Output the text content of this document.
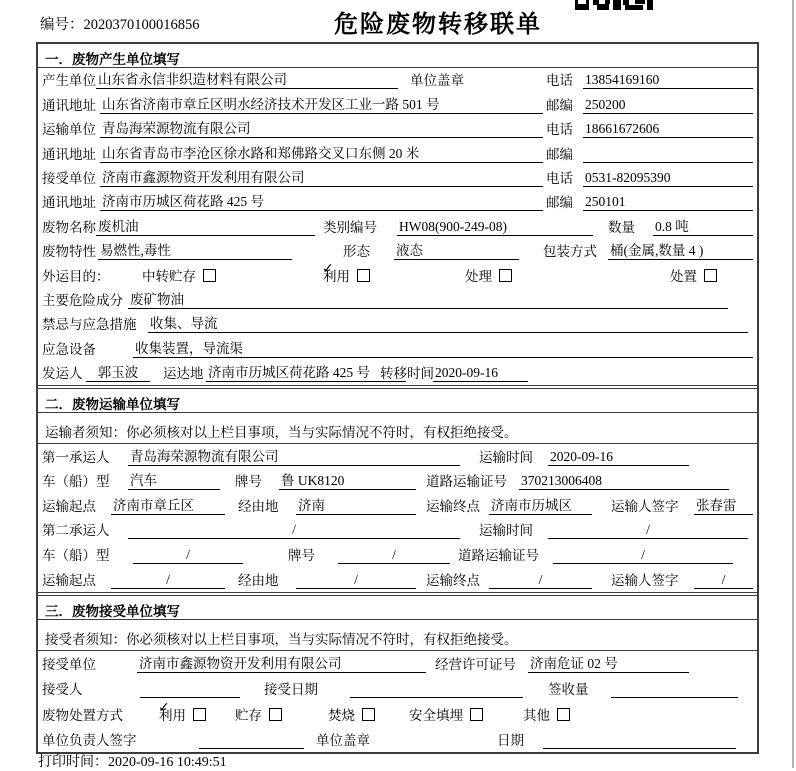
编号：2020370100016856	危险废物转移联单
一．废物产生单位填写
产生单位 山东省永信非织造材料有限公司	单位盖章	电话 13854169160
通讯地址 山东省济南市章丘区明水经济技术开发区工业一路 501 号	邮编 250200
运输单位 青岛海荣源物流有限公司	电话 18661672606
通讯地址 山东省青岛市李沧区徐水路和郑佛路交叉口东侧 20 米	邮编
接受单位 济南市鑫源物资开发利用有限公司	电话 0531-82095390
通讯地址 济南市历城区荷花路 425 号	邮编 250101
废物名称 废机油	类别编号 HW08(900-249-08)	数量 0.8 吨
废物特性 易燃性,毒性	形态 液态	包装方式 桶(金属,数量 4 )
外运目的： 中转贮存	利用 ✓	处理	处置
主要危险成分 废矿物油
禁忌与应急措施 收集、导流
应急设备	收集装置，导流渠
发运人	郭玉波	运达地 济南市历城区荷花路 425 号 转移时间 2020-09-16
二．废物运输单位填写
运输者须知：你必须核对以上栏目事项，当与实际情况不符时，有权拒绝接受。
第一承运人 青岛海荣源物流有限公司	运输时间 2020-09-16
车（船）型 汽车	牌号 鲁 UK8120	道路运输证号 370213006408
运输起点 济南市章丘区	经由地 济南	运输终点 济南市历城区	运输人签字 张春雷
第二承运人	/	运输时间	/
车（船）型	/	牌号	/	道路运输证号	/
运输起点	/	经由地	/	运输终点	/	运输人签字	/
三．废物接受单位填写
接受者须知：你必须核对以上栏目事项，当与实际情况不符时，有权拒绝接受。
接受单位	济南市鑫源物资开发利用有限公司	经营许可证号 济南危证 02 号
接受人	接受日期	签收量
废物处置方式	利用 ✓	贮存	焚烧	安全填埋	其他
单位负责人签字	单位盖章	日期
打印时间：2020-09-16 10:49:51
